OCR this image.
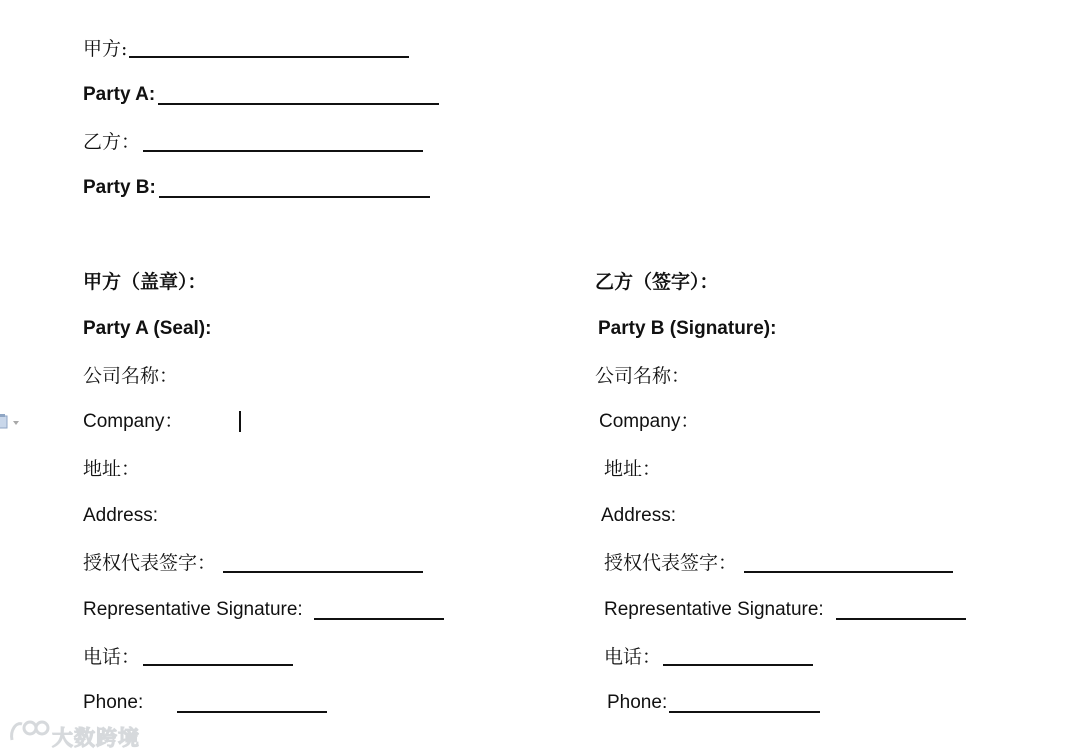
甲方:
Party A:
乙方：
Party B:
甲方（盖章）：
Party A (Seal):
公司名称：
Company：
地址：
Address:
授权代表签字：
Representative Signature:
电话：
Phone:
乙方（签字）：
Party B (Signature):
公司名称：
Company：
地址：
Address:
授权代表签字：
Representative Signature:
电话：
Phone:
大数跨境
